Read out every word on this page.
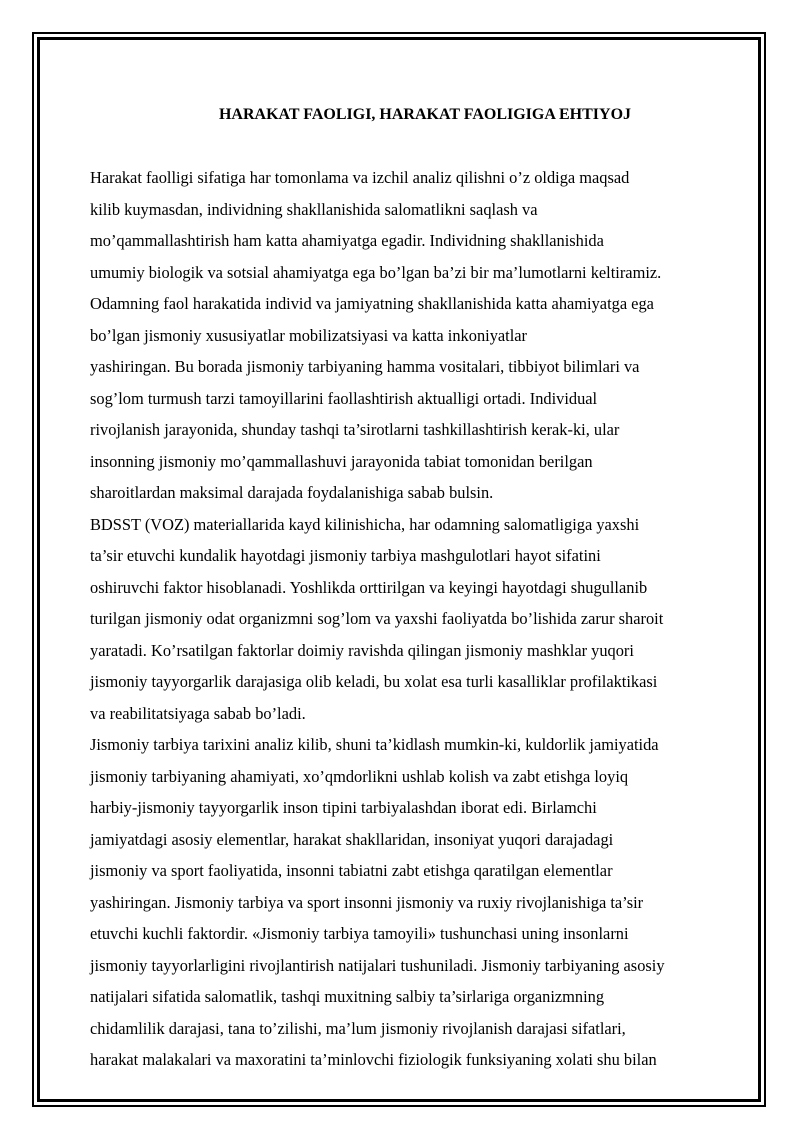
HARAKAT FAOLIGI, HARAKAT FAOLIGIGA EHTIYOJ
Harakat faolligi sifatiga har tomonlama va izchil analiz qilishni o’z oldiga maqsad
kilib kuymasdan, individning shakllanishida salomatlikni saqlash va
mo’qammallashtirish ham katta ahamiyatga egadir. Individning shakllanishida
umumiy biologik va sotsial ahamiyatga ega bo’lgan ba’zi bir ma’lumotlarni keltiramiz.
Odamning faol harakatida individ va jamiyatning shakllanishida katta ahamiyatga ega
bo’lgan jismoniy xususiyatlar mobilizatsiyasi va katta inkoniyatlar
yashiringan. Bu borada jismoniy tarbiyaning hamma vositalari, tibbiyot bilimlari va
sog’lom turmush tarzi tamoyillarini faollashtirish aktualligi ortadi. Individual
rivojlanish jarayonida, shunday tashqi ta’sirotlarni tashkillashtirish kerak-ki, ular
insonning jismoniy mo’qammallashuvi jarayonida tabiat tomonidan berilgan
sharoitlardan maksimal darajada foydalanishiga sabab bulsin.
BDSST (VOZ) materiallarida kayd kilinishicha, har odamning salomatligiga yaxshi
ta’sir etuvchi kundalik hayotdagi jismoniy tarbiya mashgulotlari hayot sifatini
oshiruvchi faktor hisoblanadi. Yoshlikda orttirilgan va keyingi hayotdagi shugullanib
turilgan jismoniy odat organizmni sog’lom va yaxshi faoliyatda bo’lishida zarur sharoit
yaratadi. Ko’rsatilgan faktorlar doimiy ravishda qilingan jismoniy mashklar yuqori
jismoniy tayyorgarlik darajasiga olib keladi, bu xolat esa turli kasalliklar profilaktikasi
va reabilitatsiyaga sabab bo’ladi.
Jismoniy tarbiya tarixini analiz kilib, shuni ta’kidlash mumkin-ki, kuldorlik jamiyatida
jismoniy tarbiyaning ahamiyati, xo’qmdorlikni ushlab kolish va zabt etishga loyiq
harbiy-jismoniy tayyorgarlik inson tipini tarbiyalashdan iborat edi. Birlamchi
jamiyatdagi asosiy elementlar, harakat shakllaridan, insoniyat yuqori darajadagi
jismoniy va sport faoliyatida, insonni tabiatni zabt etishga qaratilgan elementlar
yashiringan. Jismoniy tarbiya va sport insonni jismoniy va ruxiy rivojlanishiga ta’sir
etuvchi kuchli faktordir. «Jismoniy tarbiya tamoyili» tushunchasi uning insonlarni
jismoniy tayyorlarligini rivojlantirish natijalari tushuniladi. Jismoniy tarbiyaning asosiy
natijalari sifatida salomatlik, tashqi muxitning salbiy ta’sirlariga organizmning
chidamlilik darajasi, tana to’zilishi, ma’lum jismoniy rivojlanish darajasi sifatlari,
harakat malakalari va maxoratini ta’minlovchi fiziologik funksiyaning xolati shu bilan
